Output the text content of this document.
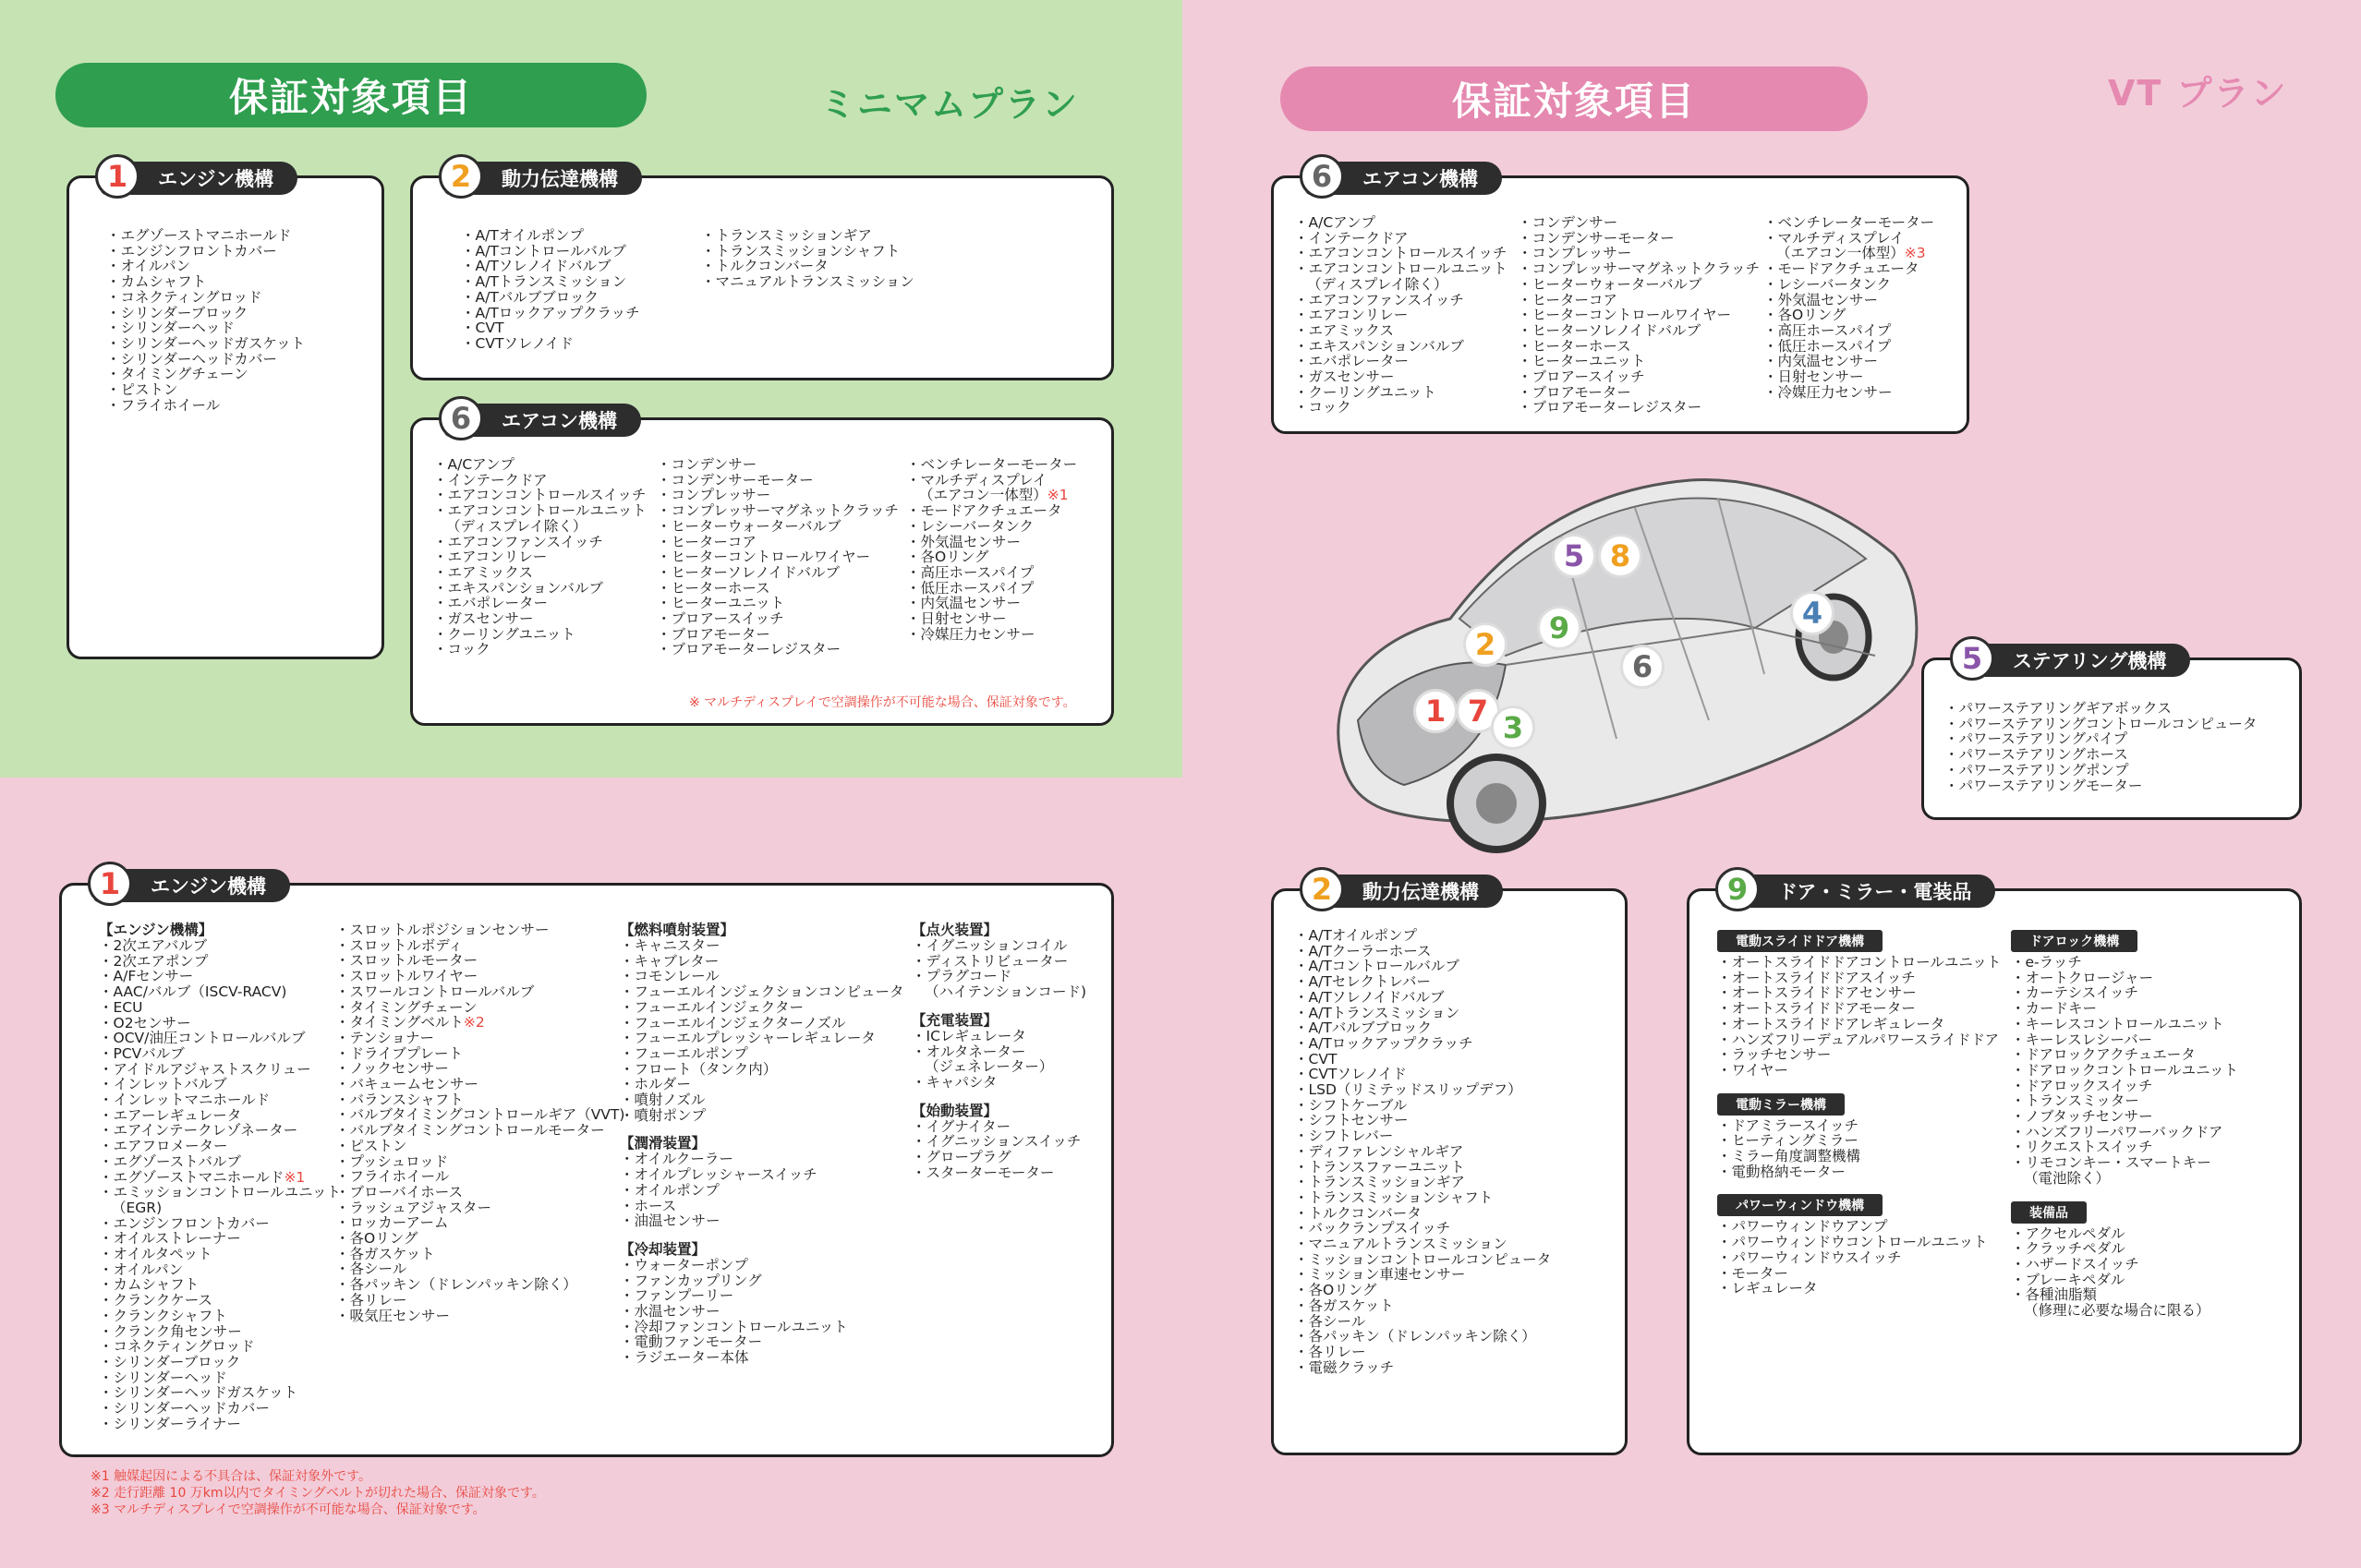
保証対象項目	ミニマムプラン
1	エンジン機構
・ エグゾーストマニホールド
・ エンジンフロントカバー
・ オイルパン
・ カムシャフト
・ コネクティングロッド
・ シリンダーブロック
・ シリンダーヘッド
・ シリンダーヘッドガスケット
・ シリンダーヘッドカバー
・ タイミングチェーン
・ ピストン
・ フライホイール
2	動力伝達機構
・ A/Tオイルポンプ
・ A/Tコントロールバルブ
・ A/Tソレノイドバルブ
・ A/Tトランスミッション
・ A/Tバルブブロック
・ A/Tロックアップクラッチ
・ CVT
・ CVTソレノイド
・ トランスミッションギア
・ トランスミッションシャフト
・ トルクコンバータ
・ マニュアルトランスミッション
6	エアコン機構
・ A/Cアンプ
・ インテークドア
・ エアコンコントロールスイッチ
・ エアコンコントロールユニット
（ディスプレイ除く）
・ エアコンファンスイッチ
・ エアコンリレー
・ エアミックス
・ エキスパンションバルブ
・ エバポレーター
・ ガスセンサー
・ クーリングユニット
・ コック
・ コンデンサー
・ コンデンサーモーター
・ コンプレッサー
・ コンプレッサーマグネットクラッチ
・ ヒーターウォーターバルブ
・ ヒーターコア
・ ヒーターコントロールワイヤー
・ ヒーターソレノイドバルブ
・ ヒーターホース
・ ヒーターユニット
・ ブロアースイッチ
・ ブロアモーター
・ ブロアモーターレジスター
・ ベンチレーターモーター
・ マルチディスプレイ
（エアコン一体型）※1
・ モードアクチュエータ
・ レシーバータンク
・ 外気温センサー
・ 各Oリング
・ 高圧ホースパイプ
・ 低圧ホースパイプ
・ 内気温センサー
・ 日射センサー
・ 冷媒圧力センサー
※ マルチディスプレイで空調操作が不可能な場合、保証対象です。
1	エンジン機構
【エンジン機構】
・ 2次エアバルブ
・ 2次エアポンプ
・ A/Fセンサー
・ AAC/バルブ（ISCV-RACV)
・ ECU
・ O2センサー
・ OCV/油圧コントロールバルブ
・ PCVバルブ
・ アイドルアジャストスクリュー
・ インレットバルブ
・ インレットマニホールド
・ エアーレギュレータ
・ エアインテークレゾネーター
・ エアフロメーター
・ エグゾーストバルブ
・ エグゾーストマニホールド※1
・ エミッションコントロールユニット
（EGR)
・ エンジンフロントカバー
・ オイルストレーナー
・ オイルタペット
・ オイルパン
・ カムシャフト
・ クランクケース
・ クランクシャフト
・ クランク角センサー
・ コネクティングロッド
・ シリンダーブロック
・ シリンダーヘッド
・ シリンダーヘッドガスケット
・ シリンダーヘッドカバー
・ シリンダーライナー
・ スロットルポジションセンサー
・ スロットルボディ
・ スロットルモーター
・ スロットルワイヤー
・ スワールコントロールバルブ
・ タイミングチェーン
・ タイミングベルト※2
・ テンショナー
・ ドライブプレート
・ ノックセンサー
・ バキュームセンサー
・ バランスシャフト
・ バルブタイミングコントロールギア（VVT)
・ バルブタイミングコントロールモーター
・ ピストン
・ プッシュロッド
・ フライホイール
・ ブローバイホース
・ ラッシュアジャスター
・ ロッカーアーム
・ 各Oリング
・ 各ガスケット
・ 各シール
・ 各パッキン（ドレンパッキン除く）
・ 各リレー
・ 吸気圧センサー
【燃料噴射装置】
・ キャニスター
・ キャブレター
・ コモンレール
・ フューエルインジェクションコンピュータ
・ フューエルインジェクター
・ フューエルインジェクターノズル
・ フューエルプレッシャーレギュレータ
・ フューエルポンプ
・ フロート（タンク内）
・ ホルダー
・ 噴射ノズル
・ 噴射ポンプ
【潤滑装置】
・ オイルクーラー
・ オイルプレッシャースイッチ
・ オイルポンプ
・ ホース
・ 油温センサー
【冷却装置】
・ ウォーターポンプ
・ ファンカップリング
・ ファンプーリー
・ 水温センサー
・ 冷却ファンコントロールユニット
・ 電動ファンモーター
・ ラジエーター本体
【点火装置】
・ イグニッションコイル
・ ディストリビューター
・ プラグコード
（ハイテンションコード)
【充電装置】
・ ICレギュレータ
・ オルタネーター
（ジェネレーター）
・ キャパシタ
【始動装置】
・ イグナイター
・ イグニッションスイッチ
・ グロープラグ
・ スターターモーター
※1 触媒起因による不具合は、保証対象外です。
※2 走行距離 10 万km以内でタイミングベルトが切れた場合、保証対象です。
※3 マルチディスプレイで空調操作が不可能な場合、保証対象です。
保証対象項目	VT プラン
6	エアコン機構
・ A/Cアンプ
・ インテークドア
・ エアコンコントロールスイッチ
・ エアコンコントロールユニット
（ディスプレイ除く）
・ エアコンファンスイッチ
・ エアコンリレー
・ エアミックス
・ エキスパンションバルブ
・ エバポレーター
・ ガスセンサー
・ クーリングユニット
・ コック
・ コンデンサー
・ コンデンサーモーター
・ コンプレッサー
・ コンプレッサーマグネットクラッチ
・ ヒーターウォーターバルブ
・ ヒーターコア
・ ヒーターコントロールワイヤー
・ ヒーターソレノイドバルブ
・ ヒーターホース
・ ヒーターユニット
・ ブロアースイッチ
・ ブロアモーター
・ ブロアモーターレジスター
・ ベンチレーターモーター
・ マルチディスプレイ
（エアコン一体型）※3
・ モードアクチュエータ
・ レシーバータンク
・ 外気温センサー
・ 各Oリング
・ 高圧ホースパイプ
・ 低圧ホースパイプ
・ 内気温センサー
・ 日射センサー
・ 冷媒圧力センサー
5 8
9	4
2
6
1 7 3
5	ステアリング機構
・ パワーステアリングギアボックス
・ パワーステアリングコントロールコンピュータ
・ パワーステアリングパイプ
・ パワーステアリングホース
・ パワーステアリングポンプ
・ パワーステアリングモーター
2	動力伝達機構
・ A/Tオイルポンプ
・ A/Tクーラーホース
・ A/Tコントロールバルブ
・ A/Tセレクトレバー
・ A/Tソレノイドバルブ
・ A/Tトランスミッション
・ A/Tバルブブロック
・ A/Tロックアップクラッチ
・ CVT
・ CVTソレノイド
・ LSD（リミテッドスリップデフ）
・ シフトケーブル
・ シフトセンサー
・ シフトレバー
・ ディファレンシャルギア
・ トランスファーユニット
・ トランスミッションギア
・ トランスミッションシャフト
・ トルクコンバータ
・ バックランプスイッチ
・ マニュアルトランスミッション
・ ミッションコントロールコンピュータ
・ ミッション車速センサー
・ 各Oリング
・ 各ガスケット
・ 各シール
・ 各パッキン（ドレンパッキン除く）
・ 各リレー
・ 電磁クラッチ
9	ドア・ミラー・電装品
電動スライドドア機構
・ オートスライドドアコントロールユニット
・ オートスライドドアスイッチ
・ オートスライドドアセンサー
・ オートスライドドアモーター
・ オートスライドドアレギュレータ
・ ハンズフリーデュアルパワースライドドア
・ ラッチセンサー
・ ワイヤー
電動ミラー機構
・ ドアミラースイッチ
・ ヒーティングミラー
・ ミラー角度調整機構
・ 電動格納モーター
パワーウィンドウ機構
・ パワーウィンドウアンプ
・ パワーウィンドウコントロールユニット
・ パワーウィンドウスイッチ
・ モーター
・ レギュレータ
ドアロック機構
・ e-ラッチ
・ オートクロージャー
・ カーテシスイッチ
・ カードキー
・ キーレスコントロールユニット
・ キーレスレシーバー
・ ドアロックアクチュエータ
・ ドアロックコントロールユニット
・ ドアロックスイッチ
・ トランスミッター
・ ノブタッチセンサー
・ ハンズフリーパワーバックドア
・ リクエストスイッチ
・ リモコンキー・スマートキー
（電池除く）
装備品
・ アクセルペダル
・ クラッチペダル
・ ハザードスイッチ
・ ブレーキペダル
・ 各種油脂類
（修理に必要な場合に限る）
